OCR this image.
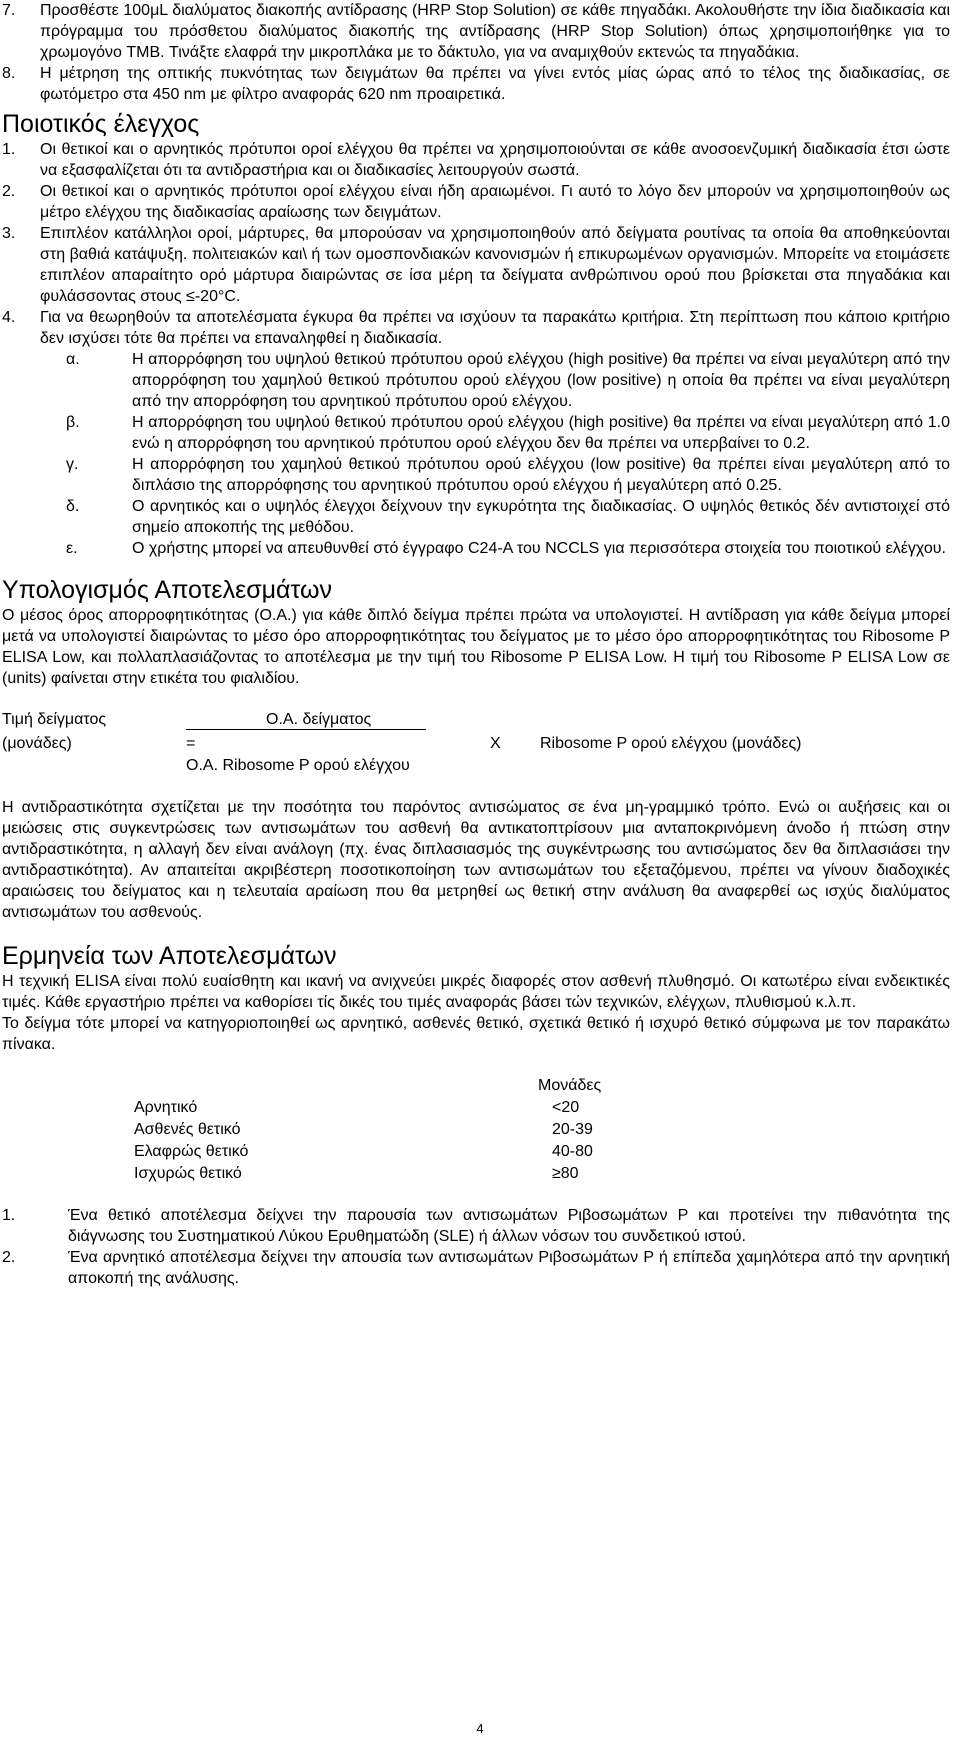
7.	Προσθέστε 100μL διαλύματος διακοπής αντίδρασης (HRP Stop Solution) σε κάθε πηγαδάκι. Ακολουθήστε την ίδια διαδικασία και πρόγραμμα του πρόσθετου διαλύματος διακοπής της αντίδρασης (HRP Stop Solution) όπως χρησιμοποιήθηκε για το χρωμογόνο TMB. Τινάξτε ελαφρά την μικροπλάκα με το δάκτυλο, για να αναμιχθούν εκτενώς τα πηγαδάκια.
8.	Η μέτρηση της οπτικής πυκνότητας των δειγμάτων θα πρέπει να γίνει εντός μίας ώρας από το τέλος της διαδικασίας, σε φωτόμετρο στα 450 nm με φίλτρο αναφοράς 620 nm προαιρετικά.
Ποιοτικός έλεγχος
1.	Οι θετικοί και ο αρνητικός πρότυποι οροί ελέγχου θα πρέπει να χρησιμοποιούνται σε κάθε ανοσοενζυμική διαδικασία έτσι ώστε να εξασφαλίζεται ότι τα αντιδραστήρια και οι διαδικασίες λειτουργούν σωστά.
2.	Οι θετικοί και ο αρνητικός πρότυποι οροί ελέγχου είναι ήδη αραιωμένοι. Γι αυτό το λόγο δεν μπορούν να χρησιμοποιηθούν ως μέτρο ελέγχου της διαδικασίας αραίωσης των δειγμάτων.
3.	Επιπλέον κατάλληλοι οροί, μάρτυρες, θα μπορούσαν να χρησιμοποιηθούν από δείγματα ρουτίνας τα οποία θα αποθηκεύονται στη βαθιά κατάψυξη. πολιτειακών και\ ή των ομοσπονδιακών κανονισμών ή επικυρωμένων οργανισμών. Μπορείτε να ετοιμάσετε επιπλέον απαραίτητο ορό μάρτυρα διαιρώντας σε ίσα μέρη τα δείγματα ανθρώπινου ορού που βρίσκεται στα πηγαδάκια και φυλάσσοντας στους ≤-20°C.
4.	Για να θεωρηθούν τα αποτελέσματα έγκυρα θα πρέπει να ισχύουν τα παρακάτω κριτήρια. Στη περίπτωση που κάποιο κριτήριο δεν ισχύσει τότε θα πρέπει να επαναληφθεί η διαδικασία.
α.	Η απορρόφηση του υψηλού θετικού πρότυπου ορού ελέγχου (high positive) θα πρέπει να είναι μεγαλύτερη από την απορρόφηση του χαμηλού θετικού πρότυπου ορού ελέγχου (low positive) η οποία θα πρέπει να είναι μεγαλύτερη από την απορρόφηση του αρνητικού πρότυπου ορού ελέγχου.
β.	Η απορρόφηση του υψηλού θετικού πρότυπου ορού ελέγχου (high positive) θα πρέπει να είναι μεγαλύτερη από 1.0 ενώ η απορρόφηση του αρνητικού πρότυπου ορού ελέγχου δεν θα πρέπει να υπερβαίνει το 0.2.
γ.	Η απορρόφηση του χαμηλού θετικού πρότυπου ορού ελέγχου (low positive) θα πρέπει είναι μεγαλύτερη από το διπλάσιο της απορρόφησης του αρνητικού πρότυπου ορού ελέγχου ή μεγαλύτερη από 0.25.
δ.	Ο αρνητικός και ο υψηλός έλεγχοι δείχνουν την εγκυρότητα της διαδικασίας. Ο υψηλός θετικός δέν αντιστοιχεί στό σημείο αποκοπής της μεθόδου.
ε.	Ο χρήστης μπορεί να απευθυνθεί στό έγγραφο C24-A του NCCLS για περισσότερα στοιχεία του ποιοτικού ελέγχου.
Υπολογισμός Αποτελεσμάτων

Ο μέσος όρος απορροφητικότητας (Ο.Α.) για κάθε διπλό δείγμα πρέπει πρώτα να υπολογιστεί. Η αντίδραση για κάθε δείγμα μπορεί μετά να υπολογιστεί διαιρώντας το μέσο όρο απορροφητικότητας του δείγματος με το μέσο όρο απορροφητικότητας του Ribosome P ELISA Low, και πολλαπλασιάζοντας το αποτέλεσμα με την τιμή του Ribosome P ELISA Low. Η τιμή του Ribosome P ELISA Low σε (units) φαίνεται στην ετικέτα του φιαλιδίου.

Τιμή δείγματος	Ο.Α. δείγματος
(μονάδες)	=	X Ribosome P ορού ελέγχου (μονάδες)
Ο.Α. Ribosome P ορού ελέγχου

Η αντιδραστικότητα σχετίζεται με την ποσότητα του παρόντος αντισώματος σε ένα μη-γραμμικό τρόπο. Ενώ οι αυξήσεις και οι μειώσεις στις συγκεντρώσεις των αντισωμάτων του ασθενή θα αντικατοπτρίσουν μια ανταποκρινόμενη άνοδο ή πτώση στην αντιδραστικότητα, η αλλαγή δεν είναι ανάλογη (πχ. ένας διπλασιασμός της συγκέντρωσης του αντισώματος δεν θα διπλασιάσει την αντιδραστικότητα). Αν απαιτείται ακριβέστερη ποσοτικοποίηση των αντισωμάτων του εξεταζόμενου, πρέπει να γίνουν διαδοχικές αραιώσεις του δείγματος και η τελευταία αραίωση που θα μετρηθεί ως θετική στην ανάλυση θα αναφερθεί ως ισχύς διαλύματος αντισωμάτων του ασθενούς.

Ερμηνεία των Αποτελεσμάτων

Η τεχνική ELISA είναι πολύ ευαίσθητη και ικανή να ανιχνεύει μικρές διαφορές στον ασθενή πλυθησμό. Οι κατωτέρω είναι ενδεικτικές τιμές. Κάθε εργαστήριο πρέπει να καθορίσει τίς δικές του τιμές αναφοράς βάσει τών τεχνικών, ελέγχων, πλυθισμού κ.λ.π.

Το δείγμα τότε μπορεί να κατηγοριοποιηθεί ως αρνητικό, ασθενές θετικό, σχετικά θετικό ή ισχυρό θετικό σύμφωνα με τον παρακάτω πίνακα.

	Μονάδες
Αρνητικό	<20
Ασθενές θετικό	20-39
Ελαφρώς θετικό	40-80
Ισχυρώς θετικό	≥80
1.	Ένα θετικό αποτέλεσμα δείχνει την παρουσία των αντισωμάτων Ριβοσωμάτων P και προτείνει την πιθανότητα της διάγνωσης του Συστηματικού Λύκου Ερυθηματώδη (SLE) ή άλλων νόσων του συνδετικού ιστού.
2.	Ένα αρνητικό αποτέλεσμα δείχνει την απουσία των αντισωμάτων Ριβοσωμάτων P ή επίπεδα χαμηλότερα από την αρνητική αποκοπή της ανάλυσης.
4
